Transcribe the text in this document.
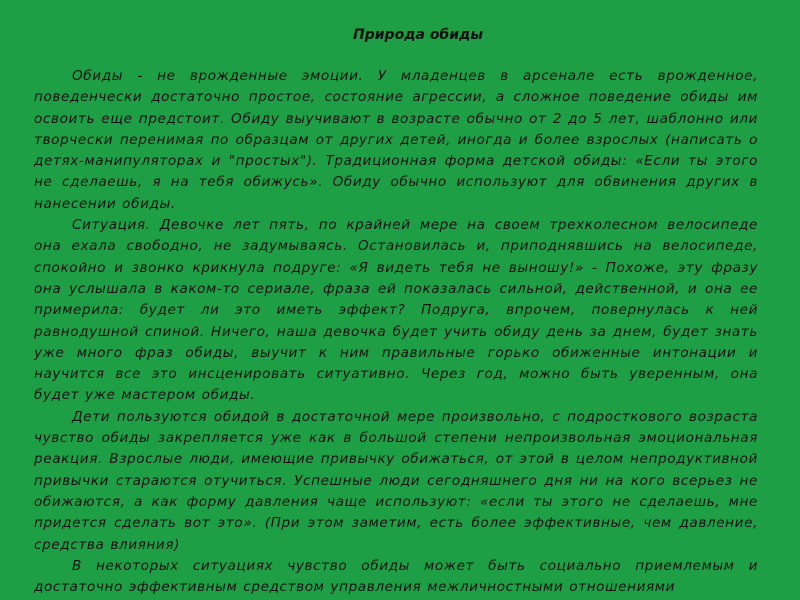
Природа обиды

Обиды - не врожденные эмоции. У младенцев в арсенале есть врожденное, поведенчески достаточно простое, состояние агрессии, а сложное поведение обиды им освоить еще предстоит. Обиду выучивают в возрасте обычно от 2 до 5 лет, шаблонно или творчески перенимая по образцам от других детей, иногда и более взрослых (написать о детях-манипуляторах и "простых"). Традиционная форма детской обиды: «Если ты этого не сделаешь, я на тебя обижусь». Обиду обычно используют для обвинения других в нанесении обиды.

Ситуация. Девочке лет пять, по крайней мере на своем трехколесном велосипеде она ехала свободно, не задумываясь. Остановилась и, приподнявшись на велосипеде, спокойно и звонко крикнула подруге: «Я видеть тебя не выношу!» - Похоже, эту фразу она услышала в каком-то сериале, фраза ей показалась сильной, действенной, и она ее примерила: будет ли это иметь эффект? Подруга, впрочем, повернулась к ней равнодушной спиной. Ничего, наша девочка будет учить обиду день за днем, будет знать уже много фраз обиды, выучит к ним правильные горько обиженные интонации и научится все это инсценировать ситуативно. Через год, можно быть уверенным, она будет уже мастером обиды.

Дети пользуются обидой в достаточной мере произвольно, с подросткового возраста чувство обиды закрепляется уже как в большой степени непроизвольная эмоциональная реакция. Взрослые люди, имеющие привычку обижаться, от этой в целом непродуктивной привычки стараются отучиться. Успешные люди сегодняшнего дня ни на кого всерьез не обижаются, а как форму давления чаще используют: «если ты этого не сделаешь, мне придется сделать вот это». (При этом заметим, есть более эффективные, чем давление, средства влияния)

В некоторых ситуациях чувство обиды может быть социально приемлемым и достаточно эффективным средством управления межличностными отношениями
